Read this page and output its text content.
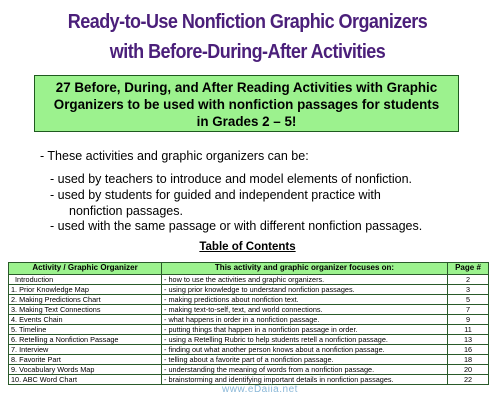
Ready-to-Use Nonfiction Graphic Organizers
with Before-During-After Activities
27 Before, During, and After Reading Activities with Graphic
Organizers to be used with nonfiction passages for students
in Grades 2 – 5!
- These activities and graphic organizers can be:
- used by teachers to introduce and model elements of nonfiction.
- used by students for guided and independent practice with
nonfiction passages.
- used with the same passage or with different nonfiction passages.
Table of Contents
Activity / Graphic Organizer	This activity and graphic organizer focuses on:	Page #
Introduction	- how to use the activities and graphic organizers.	2
1. Prior Knowledge Map	- using prior knowledge to understand nonfiction passages.	3
2. Making Predictions Chart	- making predictions about nonfiction text.	5
3. Making Text Connections	- making text-to-self, text, and world connections.	7
4. Events Chain	- what happens in order in a nonfiction passage.	9
5. Timeline	- putting things that happen in a nonfiction passage in order.	11
6. Retelling a Nonfiction Passage	- using a Retelling Rubric to help students retell a nonfiction passage.	13
7. Interview	- finding out what another person knows about a nonfiction passage.	16
8. Favorite Part	- telling about a favorite part of a nonfiction passage.	18
9. Vocabulary Words Map	- understanding the meaning of words from a nonfiction passage.	20
10. ABC Word Chart	- brainstorming and identifying important details in nonfiction passages.	22
www.eDaiia.net
